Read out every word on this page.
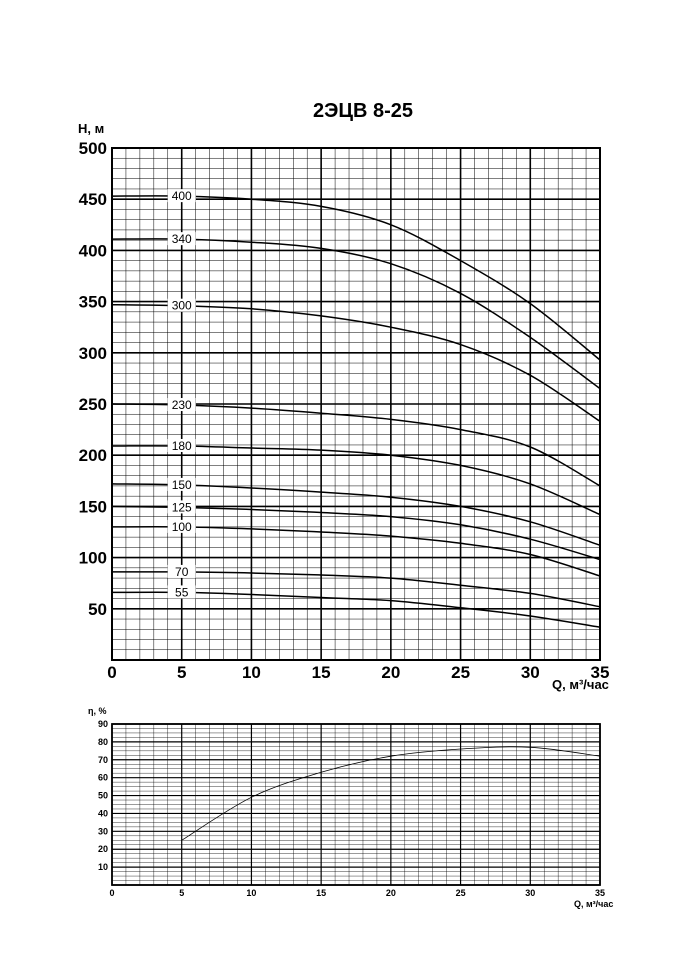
2ЭЦВ 8-25
400
340
300
230
180
150
125
100
70
55
0	5	10	15	20	25	30	35
50
100
150
200
250
300
350
400
450
500
H, м
Q, м³/час
0	5	10	15	20	25	30	35
10
20
30
40
50
60
70
80
90
η, %
Q, м³/час
